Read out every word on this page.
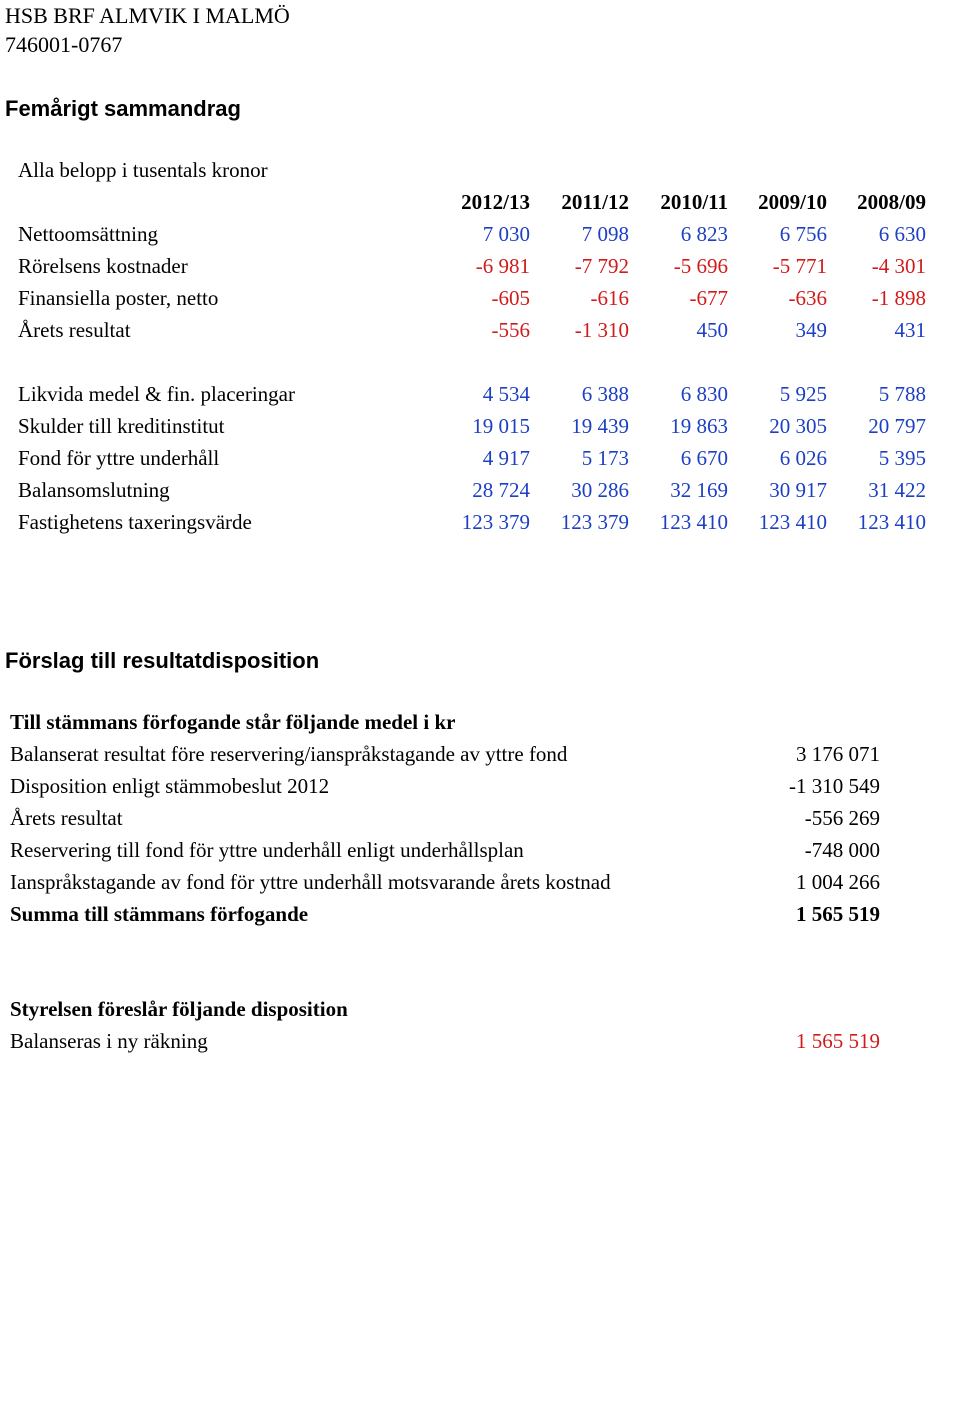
HSB BRF ALMVIK I MALMÖ
746001-0767
Femårigt sammandrag
Alla belopp i tusentals kronor
	2012/13	2011/12	2010/11	2009/10	2008/09
Nettoomsättning	7 030	7 098	6 823	6 756	6 630
Rörelsens kostnader	-6 981	-7 792	-5 696	-5 771	-4 301
Finansiella poster, netto	-605	-616	-677	-636	-1 898
Årets resultat	-556	-1 310	450	349	431

Likvida medel & fin. placeringar	4 534	6 388	6 830	5 925	5 788
Skulder till kreditinstitut	19 015	19 439	19 863	20 305	20 797
Fond för yttre underhåll	4 917	5 173	6 670	6 026	5 395
Balansomslutning	28 724	30 286	32 169	30 917	31 422
Fastighetens taxeringsvärde	123 379	123 379	123 410	123 410	123 410
Förslag till resultatdisposition
Till stämmans förfogande står följande medel i kr
Balanserat resultat före reservering/ianspråkstagande av yttre fond	3 176 071
Disposition enligt stämmobeslut 2012	-1 310 549
Årets resultat	-556 269
Reservering till fond för yttre underhåll enligt underhållsplan	-748 000
Ianspråkstagande av fond för yttre underhåll motsvarande årets kostnad	1 004 266
Summa till stämmans förfogande	1 565 519
Styrelsen föreslår följande disposition
Balanseras i ny räkning	1 565 519
